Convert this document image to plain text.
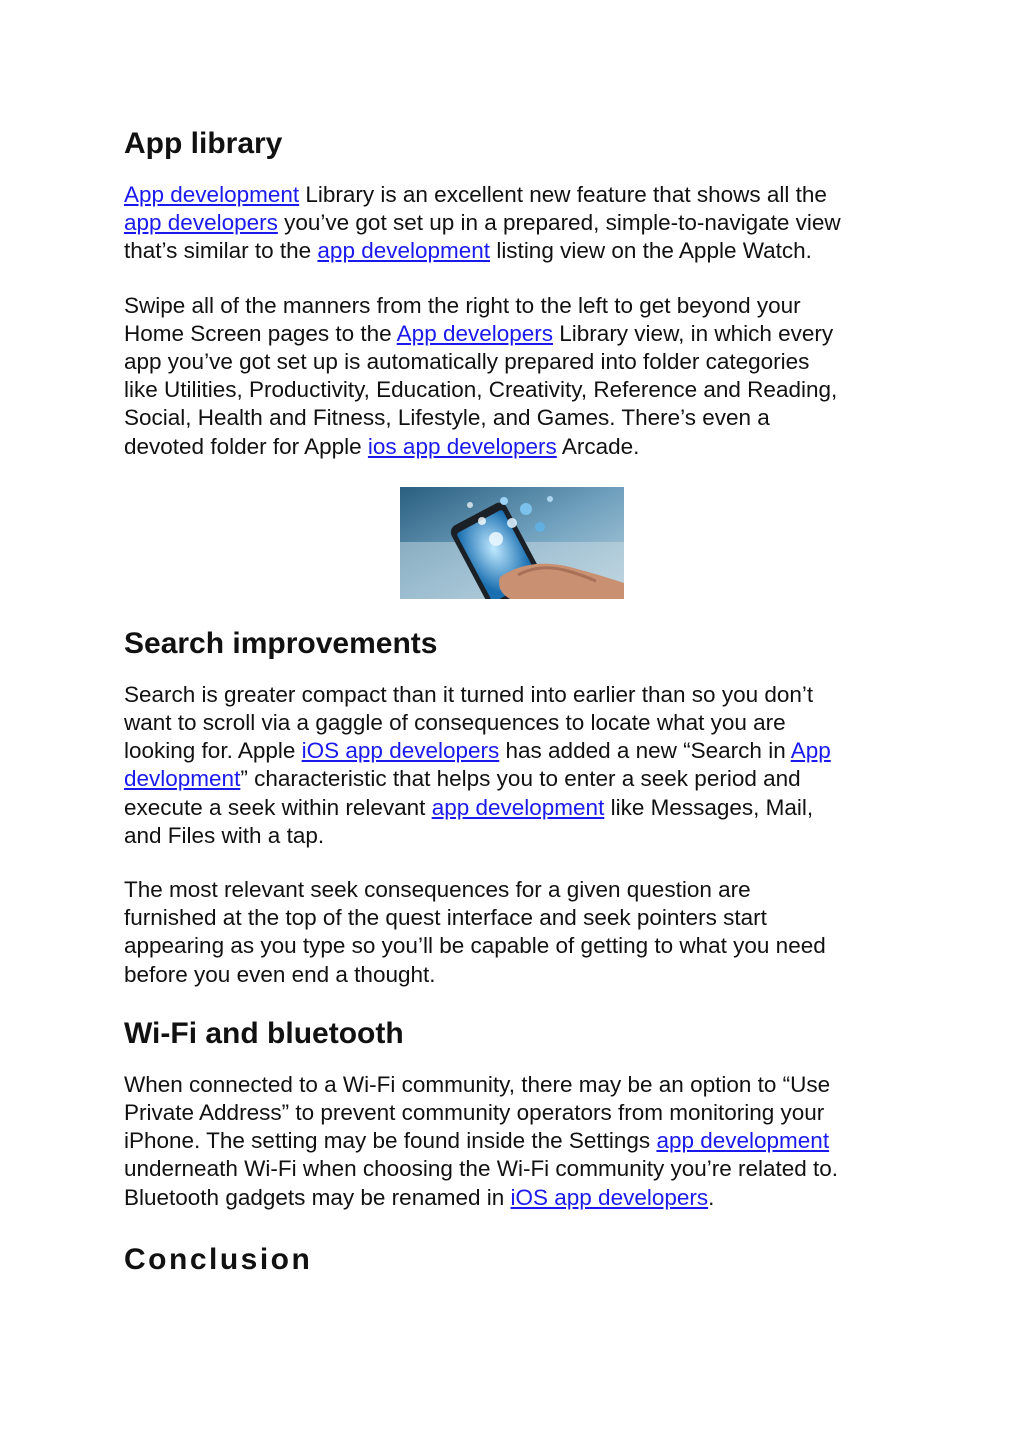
App library

App development Library is an excellent new feature that shows all the
app developers you’ve got set up in a prepared, simple-to-navigate view
that’s similar to the app development listing view on the Apple Watch.

Swipe all of the manners from the right to the left to get beyond your
Home Screen pages to the App developers Library view, in which every
app you’ve got set up is automatically prepared into folder categories
like Utilities, Productivity, Education, Creativity, Reference and Reading,
Social, Health and Fitness, Lifestyle, and Games. There’s even a
devoted folder for Apple ios app developers Arcade.

Search improvements

Search is greater compact than it turned into earlier than so you don’t
want to scroll via a gaggle of consequences to locate what you are
looking for. Apple iOS app developers has added a new “Search in App
devlopment” characteristic that helps you to enter a seek period and
execute a seek within relevant app development like Messages, Mail,
and Files with a tap.

The most relevant seek consequences for a given question are
furnished at the top of the quest interface and seek pointers start
appearing as you type so you’ll be capable of getting to what you need
before you even end a thought.

Wi-Fi and bluetooth

When connected to a Wi-Fi community, there may be an option to “Use
Private Address” to prevent community operators from monitoring your
iPhone. The setting may be found inside the Settings app development
underneath Wi-Fi when choosing the Wi-Fi community you’re related to.
Bluetooth gadgets may be renamed in iOS app developers.

Conclusion
